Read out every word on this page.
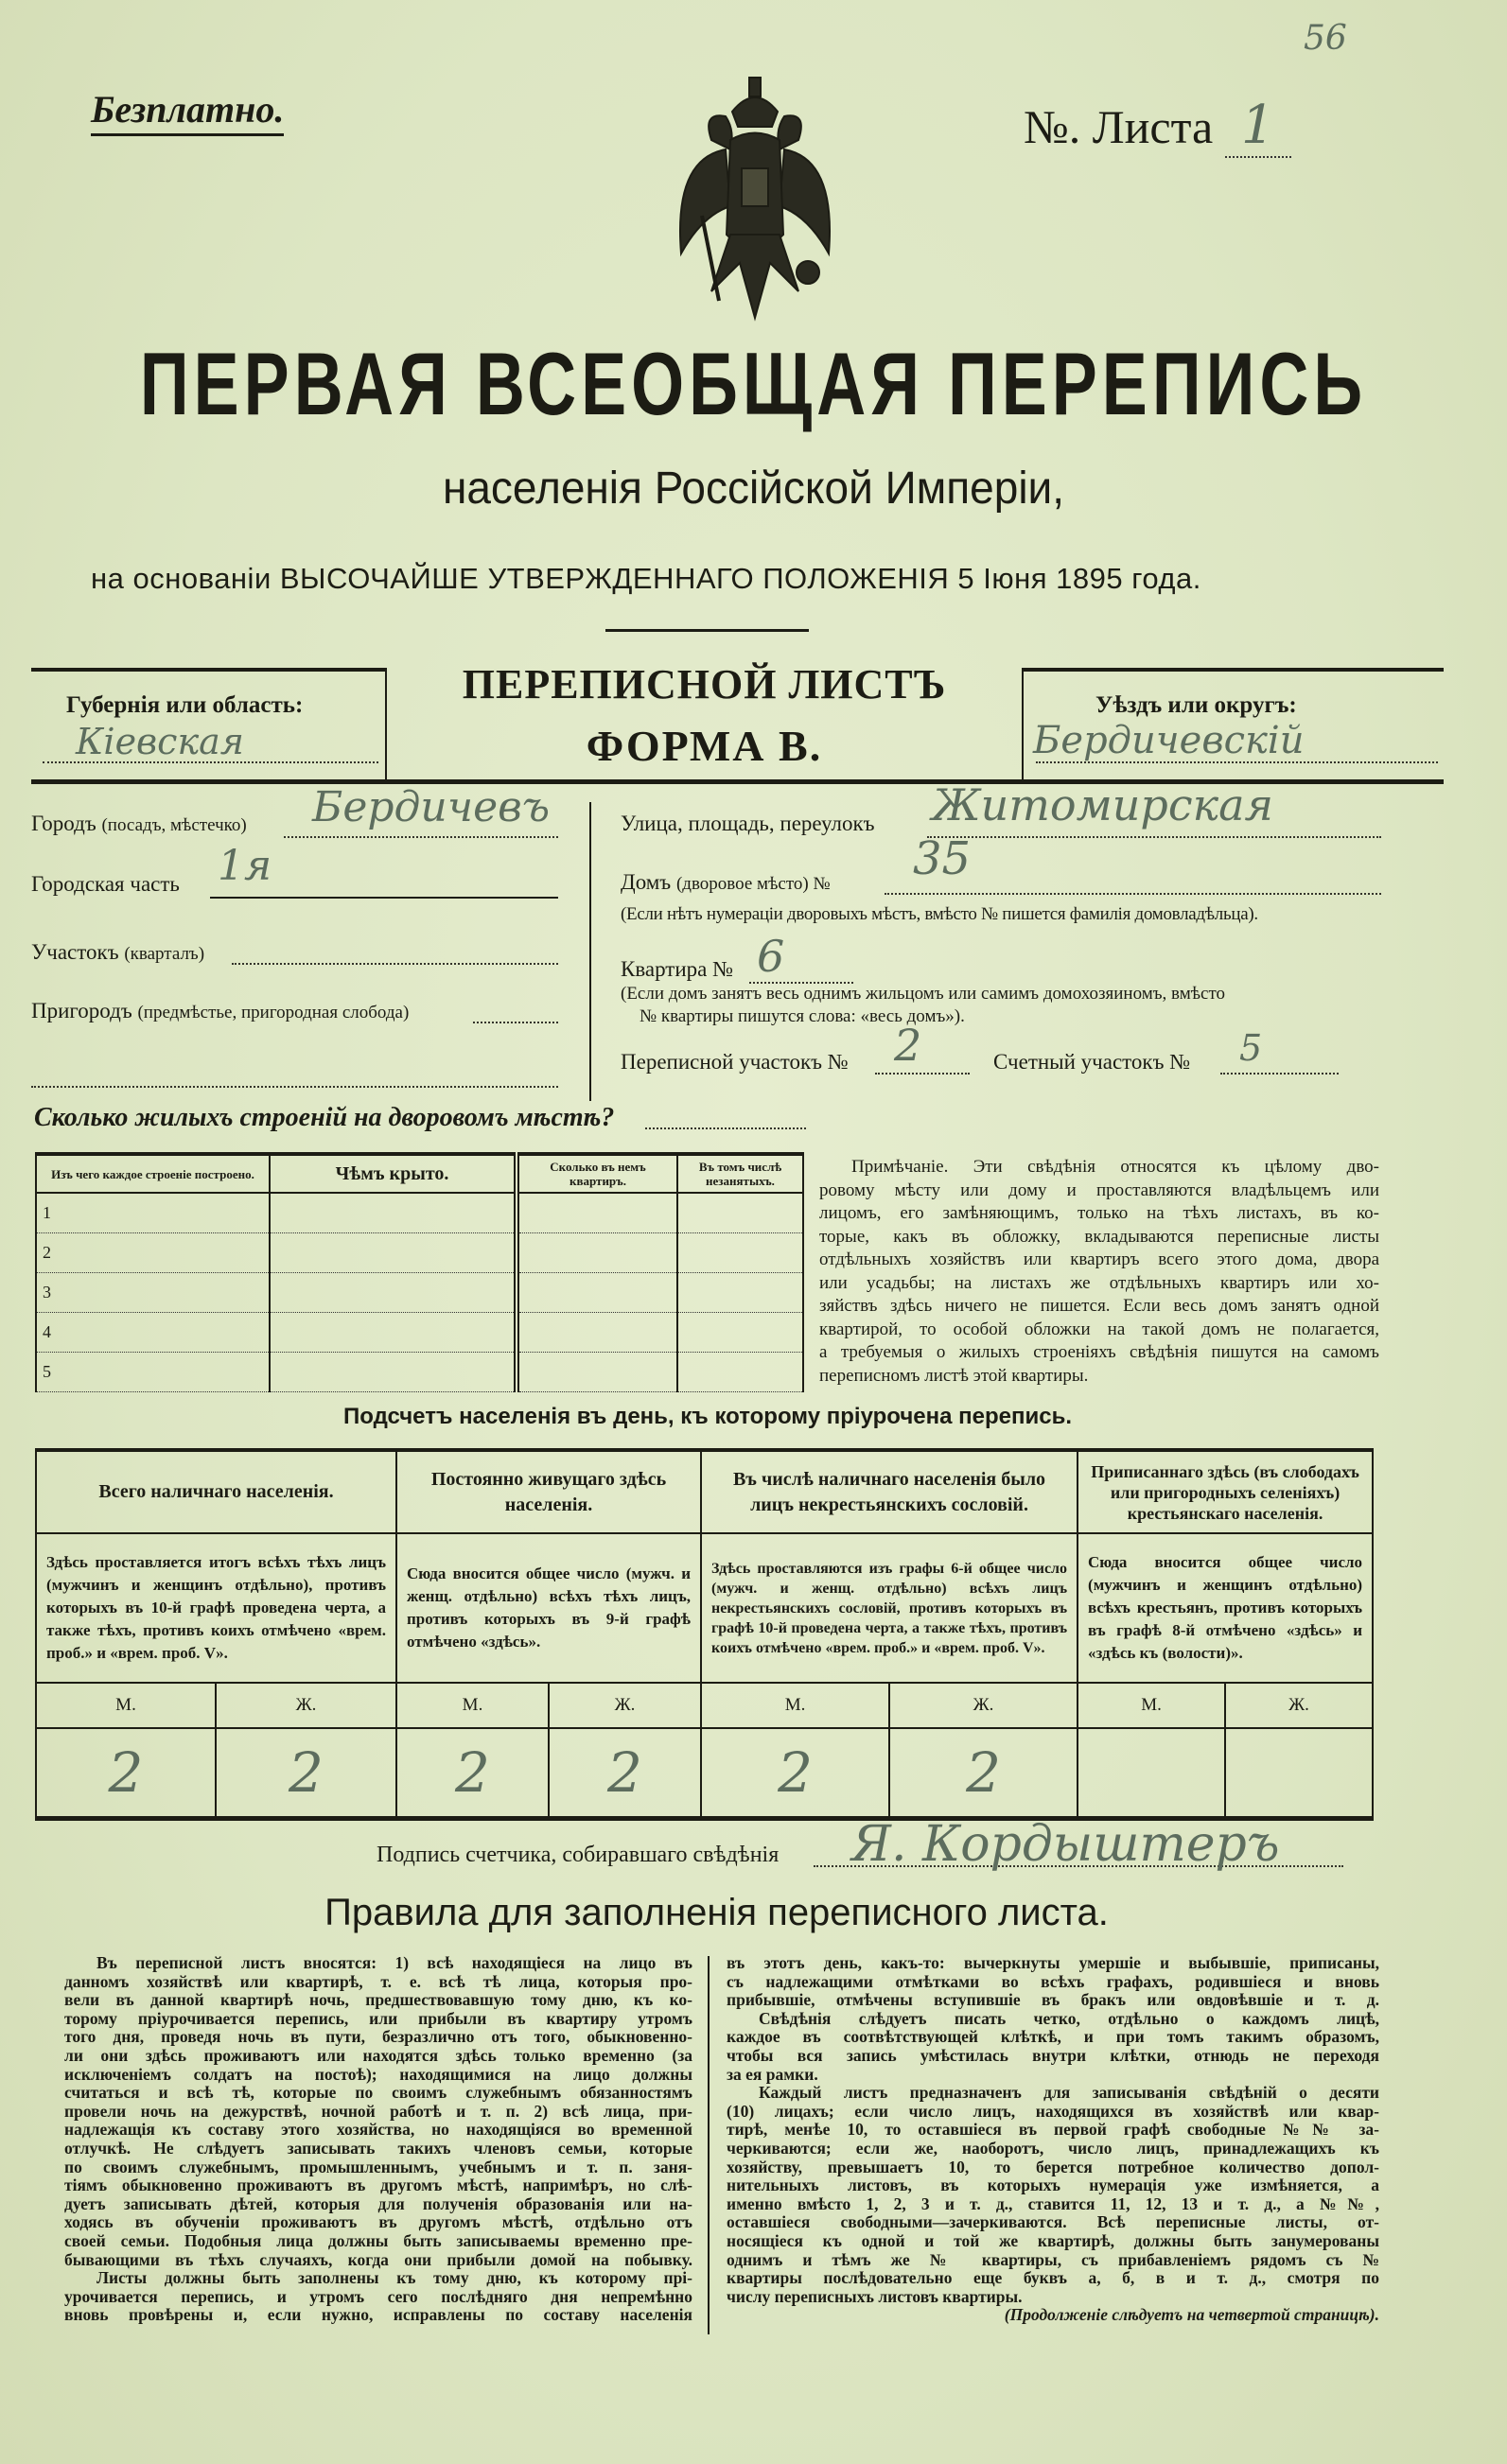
Безплатно.	№. Листа 1
56
ПЕРВАЯ ВСЕОБЩАЯ ПЕРЕПИСЬ
населенія Россійской Имперіи,
на основаніи ВЫСОЧАЙШЕ УТВЕРЖДЕННАГО ПОЛОЖЕНІЯ 5 Іюня 1895 года.
Губернія или область:
Кіевская
ПЕРЕПИСНОЙ ЛИСТЪ
ФОРМА В.
Уѣздъ или округъ:
Бердичевскій
Городъ (посадъ, мѣстечко) Бердичевъ
Городская часть 1я
Участокъ (кварталъ)
Пригородъ (предмѣстье, пригородная слобода)
Улица, площадь, переулокъ Житомирская
Домъ (дворовое мѣсто) № 35
(Если нѣтъ нумераціи дворовыхъ мѣстъ, вмѣсто № пишется фамилія домовладѣльца).
Квартира № 6
(Если домъ занятъ весь однимъ жильцомъ или самимъ домохозяиномъ, вмѣсто
№ квартиры пишутся слова: «весь домъ»).
Переписной участокъ № 2	Счетный участокъ № 5
Сколько жилыхъ строеній на дворовомъ мѣстѣ?
Изъ чего каждое строеніе построено.	Чѣмъ крыто.	Сколько въ немъ квартиръ.	Въ томъ числѣ незанятыхъ.
1			
2			
3			
4			
5			
Примѣчаніе. Эти свѣдѣнія относятся къ цѣлому дво-
ровому мѣсту или дому и проставляются владѣльцемъ или
лицомъ, его замѣняющимъ, только на тѣхъ листахъ, въ ко-
торые, какъ въ обложку, вкладываются переписные листы
отдѣльныхъ хозяйствъ или квартиръ всего этого дома, двора
или усадьбы; на листахъ же отдѣльныхъ квартиръ или хо-
зяйствъ здѣсь ничего не пишется. Если весь домъ занятъ одной
квартирой, то особой обложки на такой домъ не полагается,
а требуемыя о жилыхъ строеніяхъ свѣдѣнія пишутся на самомъ
переписномъ листѣ этой квартиры.
Подсчетъ населенія въ день, къ которому пріурочена перепись.
Всего наличнаго населенія.		Постоянно живущаго здѣсь населенія.		Въ числѣ наличнаго населенія было лицъ некрестьянскихъ сословій.		Приписаннаго здѣсь (въ слободахъ или пригородныхъ селеніяхъ) крестьянскаго населенія.	
Здѣсь проставляется итогъ всѣхъ тѣхъ лицъ (мужчинъ и женщинъ отдѣльно), противъ которыхъ въ 10-й графѣ проведена черта, а также тѣхъ, противъ коихъ отмѣчено «врем. проб.» и «врем. проб. V».		Сюда вносится общее число (мужч. и женщ. отдѣльно) всѣхъ тѣхъ лицъ, противъ которыхъ въ 9-й графѣ отмѣчено «здѣсь».		Здѣсь проставляются изъ графы 6-й общее число (мужч. и женщ. отдѣльно) всѣхъ лицъ некрестьянскихъ сословій, противъ которыхъ въ графѣ 10-й проведена черта, а также тѣхъ, противъ коихъ отмѣчено «врем. проб.» и «врем. проб. V».		Сюда вносится общее число (мужчинъ и женщинъ отдѣльно) всѣхъ крестьянъ, противъ которыхъ въ графѣ 8-й отмѣчено «здѣсь» и «здѣсь къ (волости)».	
М.	Ж.	М.	Ж.	М.	Ж.	М.	Ж.
2	2	2	2	2	2		
Подпись счетчика, собиравшаго свѣдѣнія Я. Кордыштеръ
Правила для заполненія переписного листа.
Въ переписной листъ вносятся: 1) всѣ находящіеся на лицо въ
данномъ хозяйствѣ или квартирѣ, т. е. всѣ тѣ лица, которыя про-
вели въ данной квартирѣ ночь, предшествовавшую тому дню, къ ко-
торому пріурочивается перепись, или прибыли въ квартиру утромъ
того дня, проведя ночь въ пути, безразлично отъ того, обыкновенно-
ли они здѣсь проживаютъ или находятся здѣсь только временно (за
исключеніемъ солдатъ на постоѣ); находящимися на лицо должны
считаться и всѣ тѣ, которые по своимъ служебнымъ обязанностямъ
провели ночь на дежурствѣ, ночной работѣ и т. п. 2) всѣ лица, при-
надлежащія къ составу этого хозяйства, но находящіяся во временной
отлучкѣ. Не слѣдуетъ записывать такихъ членовъ семьи, которые
по своимъ служебнымъ, промышленнымъ, учебнымъ и т. п. заня-
тіямъ обыкновенно проживаютъ въ другомъ мѣстѣ, напримѣръ, но слѣ-
дуетъ записывать дѣтей, которыя для полученія образованія или на-
ходясь въ обученіи проживаютъ въ другомъ мѣстѣ, отдѣльно отъ
своей семьи. Подобныя лица должны быть записываемы временно пре-
бывающими въ тѣхъ случаяхъ, когда они прибыли домой на побывку.
Листы должны быть заполнены къ тому дню, къ которому прі-
урочивается перепись, и утромъ сего послѣдняго дня непремѣнно
вновь провѣрены и, если нужно, исправлены по составу населенія
въ этотъ день, какъ-то: вычеркнуты умершіе и выбывшіе, приписаны,
съ надлежащими отмѣтками во всѣхъ графахъ, родившіеся и вновь
прибывшіе, отмѣчены вступившіе въ бракъ или овдовѣвшіе и т. д.
Свѣдѣнія слѣдуетъ писать четко, отдѣльно о каждомъ лицѣ,
каждое въ соотвѣтствующей клѣткѣ, и при томъ такимъ образомъ,
чтобы вся запись умѣстилась внутри клѣтки, отнюдь не переходя
за ея рамки.
Каждый листъ предназначенъ для записыванія свѣдѣній о десяти
(10) лицахъ; если число лицъ, находящихся въ хозяйствѣ или квар-
тирѣ, менѣе 10, то оставшіеся въ первой графѣ свободные №№ за-
черкиваются; если же, наоборотъ, число лицъ, принадлежащихъ къ
хозяйству, превышаетъ 10, то берется потребное количество допол-
нительныхъ листовъ, въ которыхъ нумерація уже измѣняется, а
именно вмѣсто 1, 2, 3 и т. д., ставится 11, 12, 13 и т. д., а №№,
оставшіеся свободными—зачеркиваются. Всѣ переписные листы, от-
носящіеся къ одной и той же квартирѣ, должны быть занумерованы
однимъ и тѣмъ же № квартиры, съ прибавленіемъ рядомъ съ №
квартиры послѣдовательно еще буквъ а, б, в и т. д., смотря по
числу переписныхъ листовъ квартиры.
(Продолженіе слѣдуетъ на четвертой страницѣ).
